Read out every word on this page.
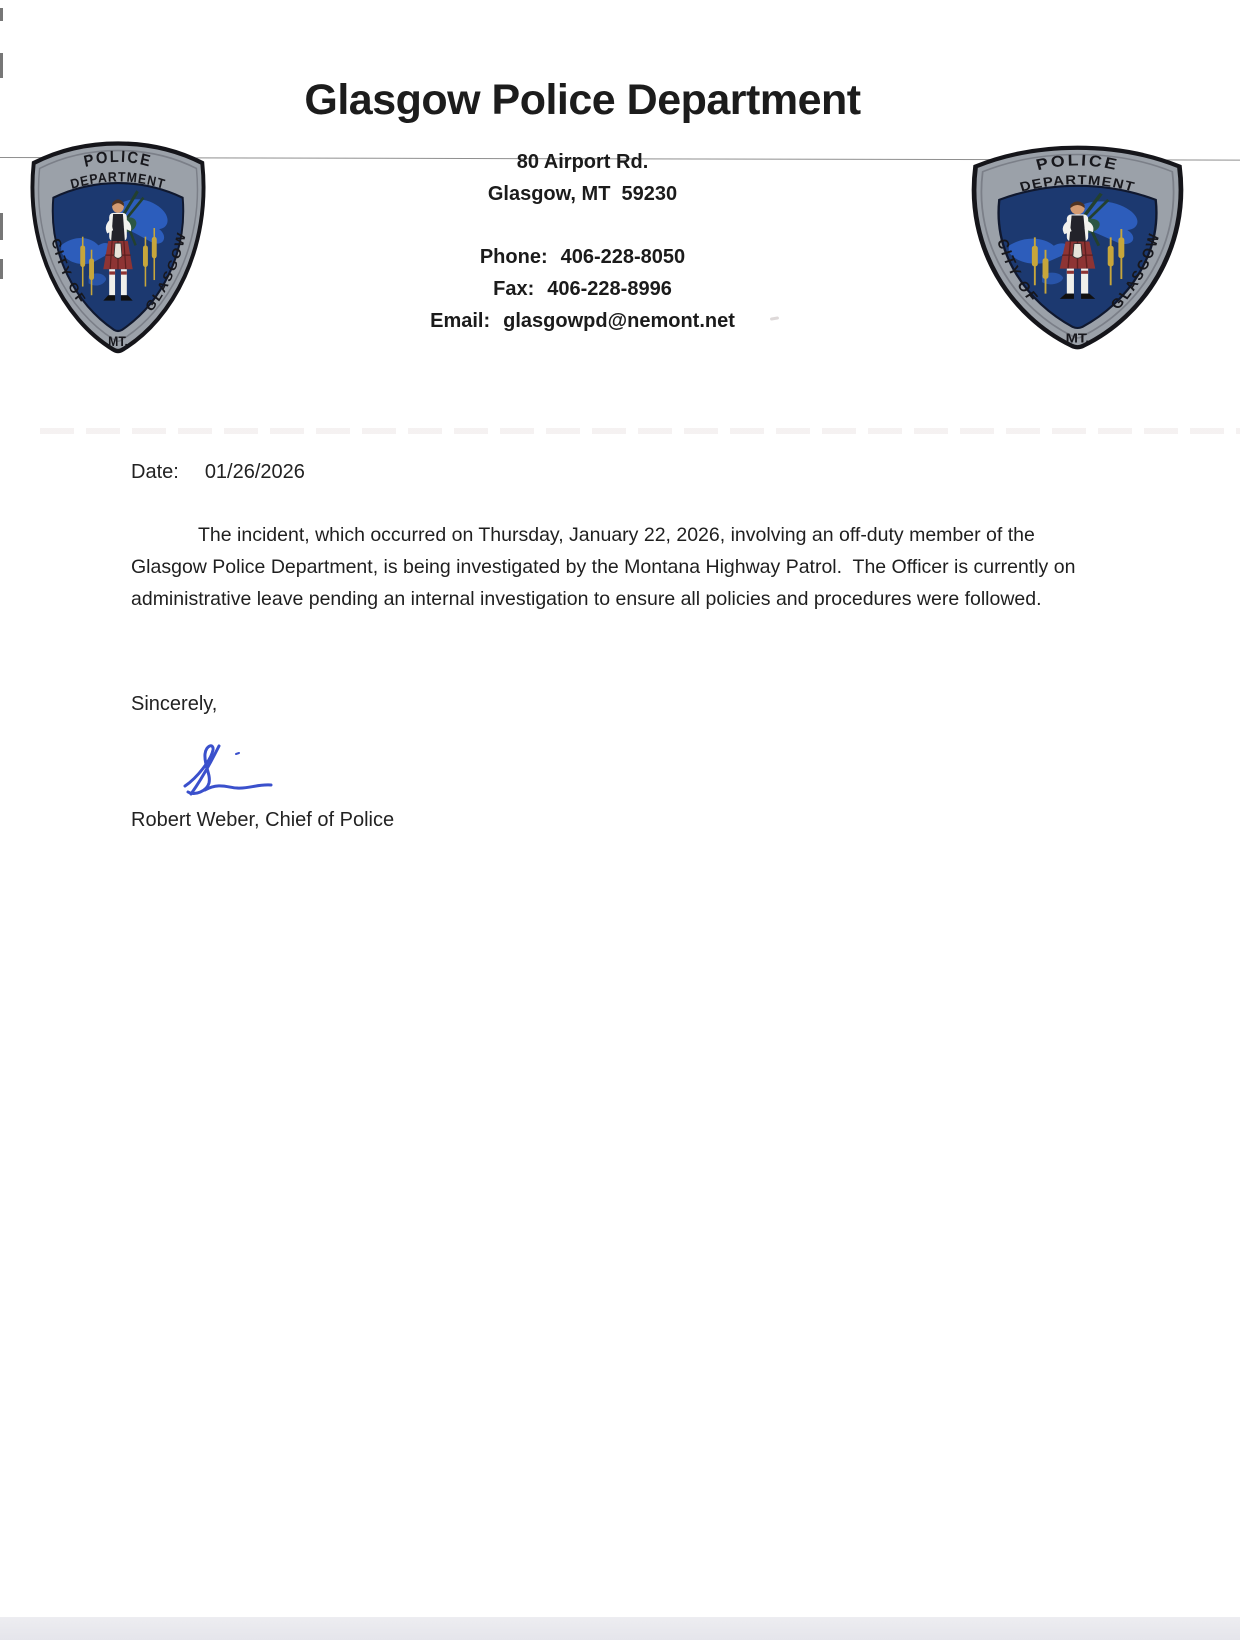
Glasgow Police Department
80 Airport Rd.
Glasgow, MT  59230
Phone: 406-228-8050
Fax: 406-228-8996
Email: glasgowpd@nemont.net
Date: 01/26/2026
The incident, which occurred on Thursday, January 22, 2026, involving an off-duty member of the
Glasgow Police Department, is being investigated by the Montana Highway Patrol.  The Officer is currently on
administrative leave pending an internal investigation to ensure all policies and procedures were followed.
Sincerely,
Robert Weber, Chief of Police
